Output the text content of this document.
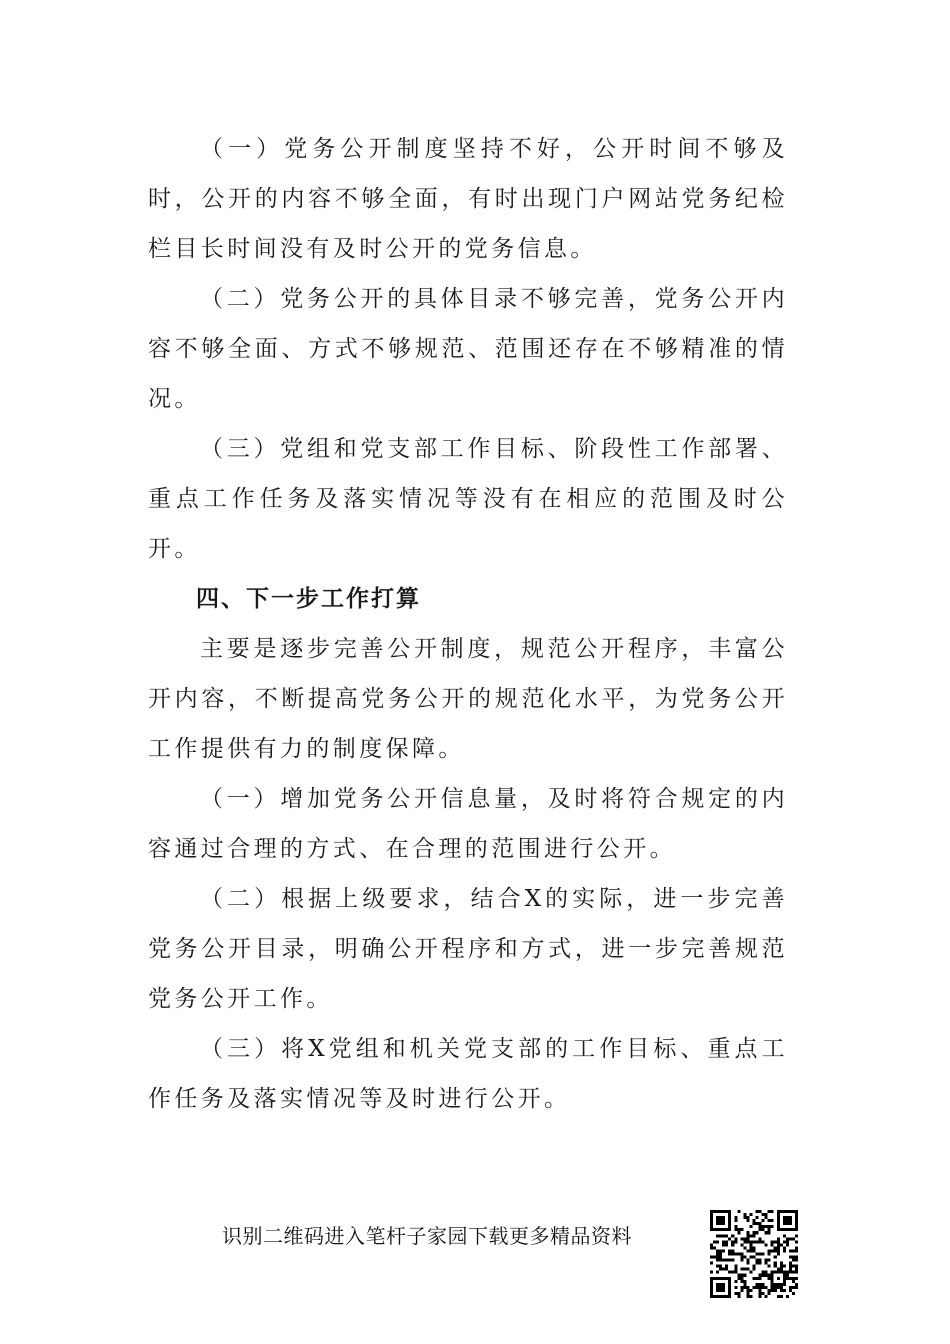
（一）党务公开制度坚持不好，公开时间不够及时，公开的内容不够全面，有时出现门户网站党务纪检栏目长时间没有及时公开的党务信息。

（二）党务公开的具体目录不够完善，党务公开内容不够全面、方式不够规范、范围还存在不够精准的情况。

（三）党组和党支部工作目标、阶段性工作部署、重点工作任务及落实情况等没有在相应的范围及时公开。

四、下一步工作打算

主要是逐步完善公开制度，规范公开程序，丰富公开内容，不断提高党务公开的规范化水平，为党务公开工作提供有力的制度保障。

（一）增加党务公开信息量，及时将符合规定的内容通过合理的方式、在合理的范围进行公开。

（二）根据上级要求，结合X的实际，进一步完善党务公开目录，明确公开程序和方式，进一步完善规范党务公开工作。

（三）将X党组和机关党支部的工作目标、重点工作任务及落实情况等及时进行公开。

识别二维码进入笔杆子家园下载更多精品资料
